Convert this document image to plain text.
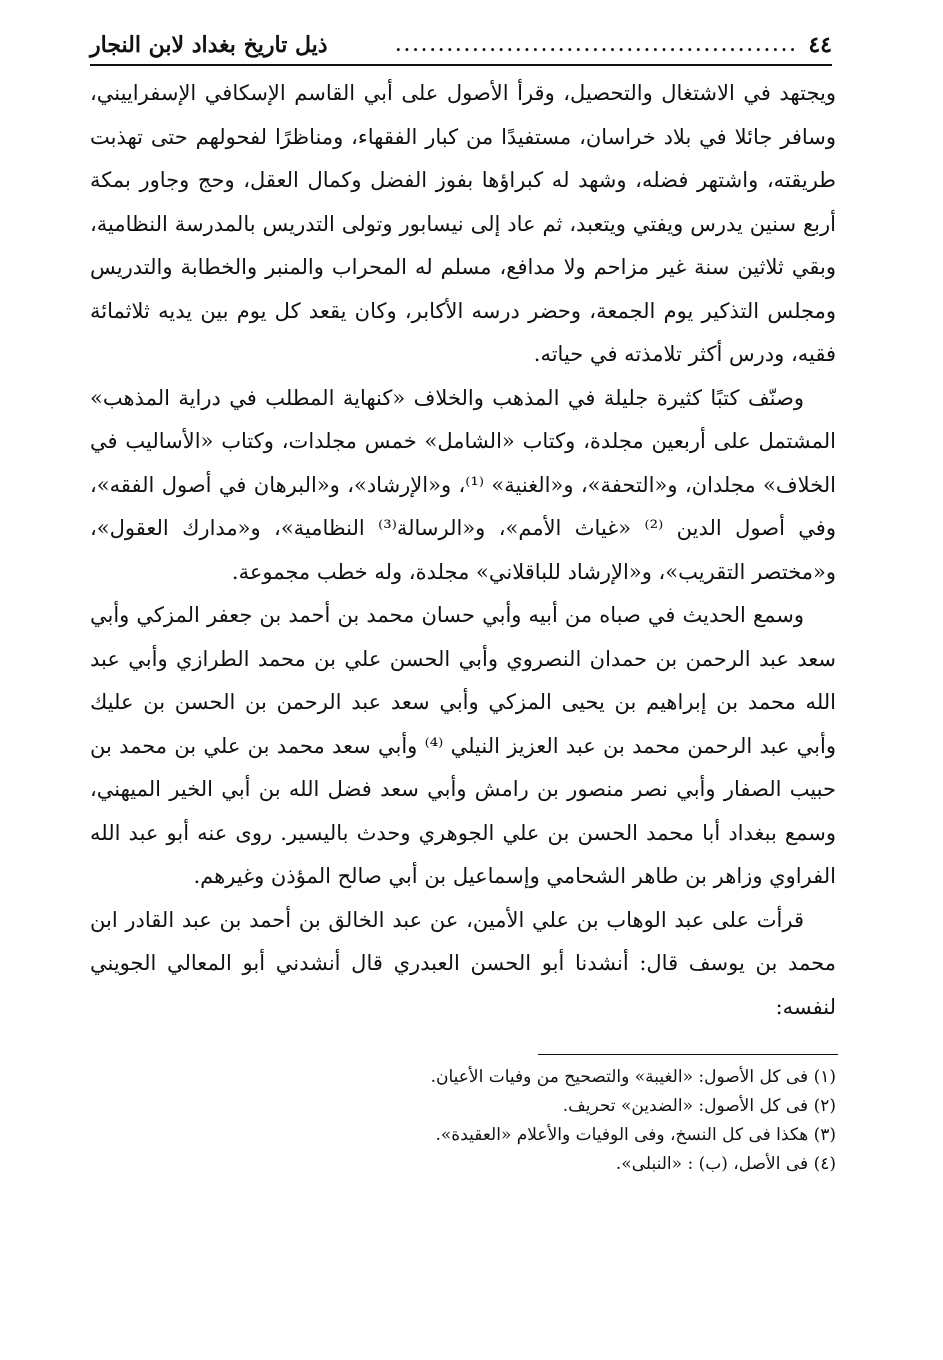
٤٤
...............................................
ذيل تاريخ بغداد لابن النجار

ويجتهد في الاشتغال والتحصيل، وقرأ الأصول على أبي القاسم الإسكافي الإسفراييني، وسافر جائلا في بلاد خراسان، مستفيدًا من كبار الفقهاء، ومناظرًا لفحولهم حتى تهذبت طريقته، واشتهر فضله، وشهد له كبراؤها بفوز الفضل وكمال العقل، وحج وجاور بمكة أربع سنين يدرس ويفتي ويتعبد، ثم عاد إلى نيسابور وتولى التدريس بالمدرسة النظامية، وبقي ثلاثين سنة غير مزاحم ولا مدافع، مسلم له المحراب والمنبر والخطابة والتدريس ومجلس التذكير يوم الجمعة، وحضر درسه الأكابر، وكان يقعد كل يوم بين يديه ثلاثمائة فقيه، ودرس أكثر تلامذته في حياته.

وصنّف كتبًا كثيرة جليلة في المذهب والخلاف «كنهاية المطلب في دراية المذهب» المشتمل على أربعين مجلدة، وكتاب «الشامل» خمس مجلدات، وكتاب «الأساليب في الخلاف» مجلدان، و«التحفة»، و«الغنية» ⁽¹⁾، و«الإرشاد»، و«البرهان في أصول الفقه»، وفي أصول الدين ⁽²⁾ «غياث الأمم»، و«الرسالة⁽³⁾ النظامية»، و«مدارك العقول»، و«مختصر التقريب»، و«الإرشاد للباقلاني» مجلدة، وله خطب مجموعة.

وسمع الحديث في صباه من أبيه وأبي حسان محمد بن أحمد بن جعفر المزكي وأبي سعد عبد الرحمن بن حمدان النصروي وأبي الحسن علي بن محمد الطرازي وأبي عبد الله محمد بن إبراهيم بن يحيى المزكي وأبي سعد عبد الرحمن بن الحسن بن عليك وأبي عبد الرحمن محمد بن عبد العزيز النيلي ⁽⁴⁾ وأبي سعد محمد بن علي بن محمد بن حبيب الصفار وأبي نصر منصور بن رامش وأبي سعد فضل الله بن أبي الخير الميهني، وسمع ببغداد أبا محمد الحسن بن علي الجوهري وحدث باليسير. روى عنه أبو عبد الله الفراوي وزاهر بن طاهر الشحامي وإسماعيل بن أبي صالح المؤذن وغيرهم.

قرأت على عبد الوهاب بن علي الأمين، عن عبد الخالق بن أحمد بن عبد القادر ابن محمد بن يوسف قال: أنشدنا أبو الحسن العبدري قال أنشدني أبو المعالي الجويني لنفسه:

(١) فى كل الأصول: «الغيبة» والتصحيح من وفيات الأعيان.

(٢) فى كل الأصول: «الضدين» تحريف.

(٣) هكذا فى كل النسخ، وفى الوفيات والأعلام «العقيدة».

(٤) فى الأصل، (ب) : «النبلى».
